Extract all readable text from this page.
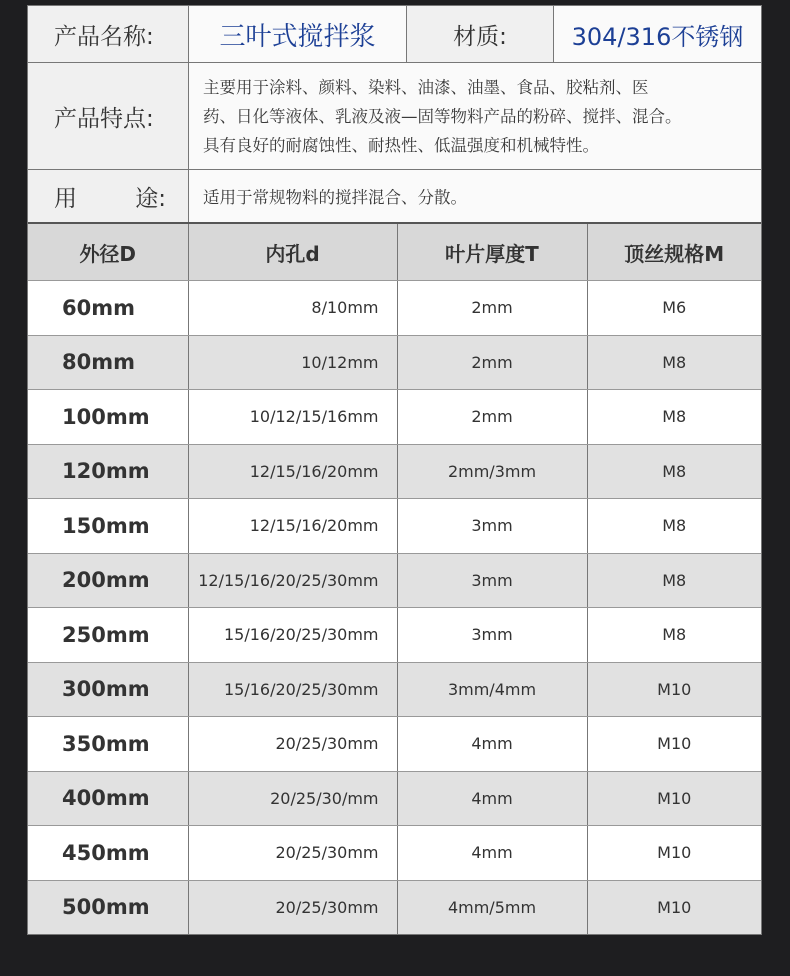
产品名称:	三叶式搅拌浆	材质:	304/316不锈钢
产品特点:
主要用于涂料、颜料、染料、油漆、油墨、食品、胶粘剂、医
药、日化等液体、乳液及液—固等物料产品的粉碎、搅拌、混合。
具有良好的耐腐蚀性、耐热性、低温强度和机械特性。
用	途:	适用于常规物料的搅拌混合、分散。
外径D	内孔d	叶片厚度T	顶丝规格M
60mm	8/10mm	2mm	M6
80mm	10/12mm	2mm	M8
100mm	10/12/15/16mm	2mm	M8
120mm	12/15/16/20mm	2mm/3mm	M8
150mm	12/15/16/20mm	3mm	M8
200mm	12/15/16/20/25/30mm	3mm	M8
250mm	15/16/20/25/30mm	3mm	M8
300mm	15/16/20/25/30mm	3mm/4mm	M10
350mm	20/25/30mm	4mm	M10
400mm	20/25/30/mm	4mm	M10
450mm	20/25/30mm	4mm	M10
500mm	20/25/30mm	4mm/5mm	M10
